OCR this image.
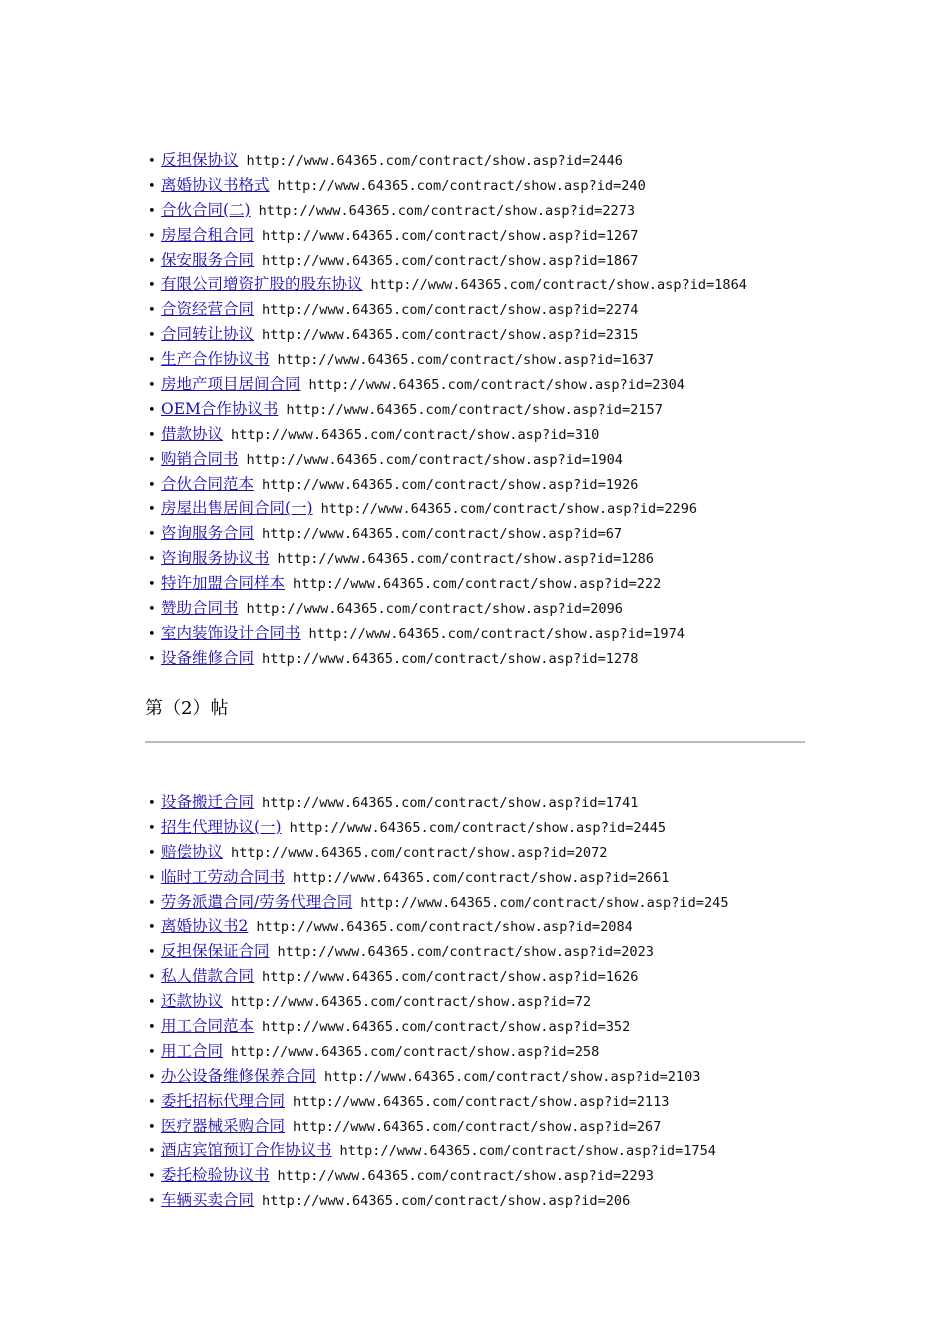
• 反担保协议 http://www.64365.com/contract/show.asp?id=2446
• 离婚协议书格式 http://www.64365.com/contract/show.asp?id=240
• 合伙合同(二) http://www.64365.com/contract/show.asp?id=2273
• 房屋合租合同 http://www.64365.com/contract/show.asp?id=1267
• 保安服务合同 http://www.64365.com/contract/show.asp?id=1867
• 有限公司增资扩股的股东协议 http://www.64365.com/contract/show.asp?id=1864
• 合资经营合同 http://www.64365.com/contract/show.asp?id=2274
• 合同转让协议 http://www.64365.com/contract/show.asp?id=2315
• 生产合作协议书 http://www.64365.com/contract/show.asp?id=1637
• 房地产项目居间合同 http://www.64365.com/contract/show.asp?id=2304
• OEM合作协议书 http://www.64365.com/contract/show.asp?id=2157
• 借款协议 http://www.64365.com/contract/show.asp?id=310
• 购销合同书 http://www.64365.com/contract/show.asp?id=1904
• 合伙合同范本 http://www.64365.com/contract/show.asp?id=1926
• 房屋出售居间合同(一) http://www.64365.com/contract/show.asp?id=2296
• 咨询服务合同 http://www.64365.com/contract/show.asp?id=67
• 咨询服务协议书 http://www.64365.com/contract/show.asp?id=1286
• 特许加盟合同样本 http://www.64365.com/contract/show.asp?id=222
• 赞助合同书 http://www.64365.com/contract/show.asp?id=2096
• 室内装饰设计合同书 http://www.64365.com/contract/show.asp?id=1974
• 设备维修合同 http://www.64365.com/contract/show.asp?id=1278
第（2）帖
• 设备搬迁合同 http://www.64365.com/contract/show.asp?id=1741
• 招生代理协议(一) http://www.64365.com/contract/show.asp?id=2445
• 赔偿协议 http://www.64365.com/contract/show.asp?id=2072
• 临时工劳动合同书 http://www.64365.com/contract/show.asp?id=2661
• 劳务派遣合同/劳务代理合同 http://www.64365.com/contract/show.asp?id=245
• 离婚协议书2 http://www.64365.com/contract/show.asp?id=2084
• 反担保保证合同 http://www.64365.com/contract/show.asp?id=2023
• 私人借款合同 http://www.64365.com/contract/show.asp?id=1626
• 还款协议 http://www.64365.com/contract/show.asp?id=72
• 用工合同范本 http://www.64365.com/contract/show.asp?id=352
• 用工合同 http://www.64365.com/contract/show.asp?id=258
• 办公设备维修保养合同 http://www.64365.com/contract/show.asp?id=2103
• 委托招标代理合同 http://www.64365.com/contract/show.asp?id=2113
• 医疗器械采购合同 http://www.64365.com/contract/show.asp?id=267
• 酒店宾馆预订合作协议书 http://www.64365.com/contract/show.asp?id=1754
• 委托检验协议书 http://www.64365.com/contract/show.asp?id=2293
• 车辆买卖合同 http://www.64365.com/contract/show.asp?id=206
